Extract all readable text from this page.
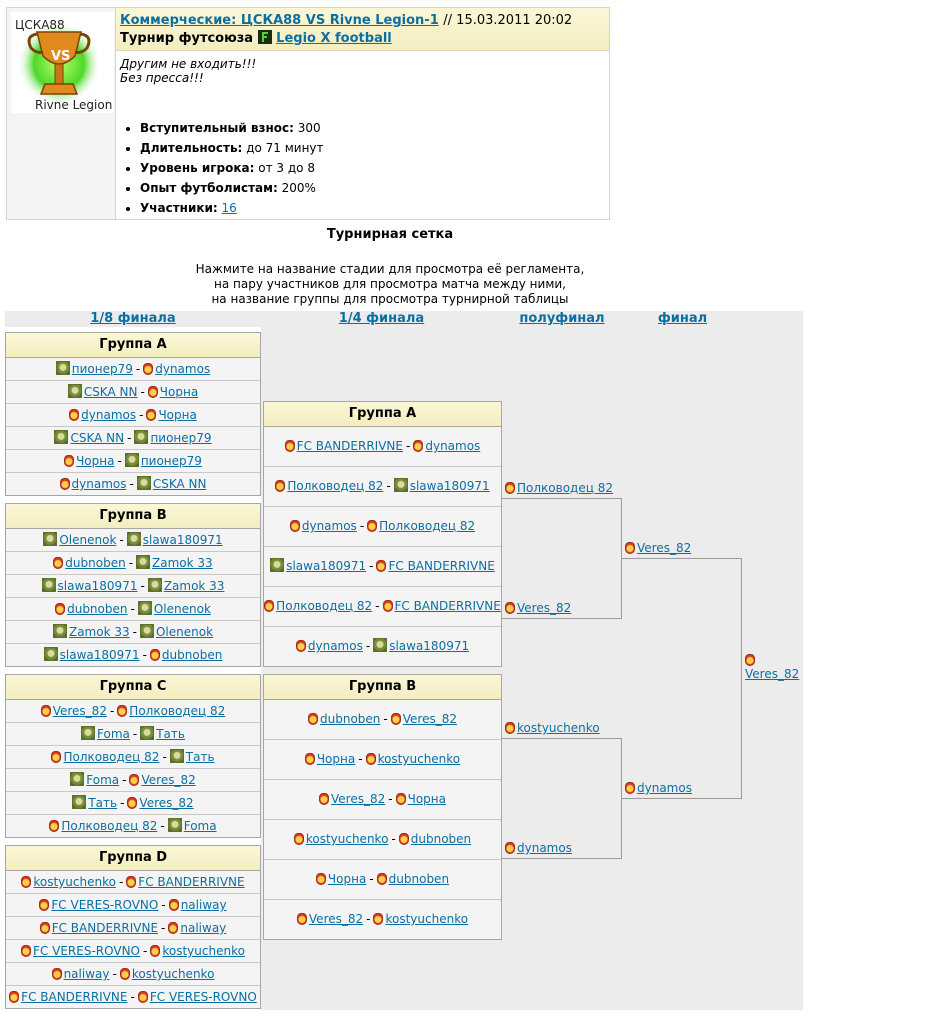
VS
ЦСКА88
Rivne Legion
Коммерческие: ЦСКА88 VS Rivne Legion-1 // 15.03.2011 20:02
Турнир футсоюза Legio X football
Другим не входить!!!
Без пресса!!!
• Вступительный взнос: 300
• Длительность: до 71 минут
• Уровень игрока: от 3 до 8
• Опыт футболистам: 200%
• Участники: 16
Турнирная сетка
Нажмите на название стадии для просмотра её регламента,
на пару участников для просмотра матча между ними,
на название группы для просмотра турнирной таблицы
1/8 финала	1/4 финала	полуфинал	финал
Группа A
пионер79 - dynamos
CSKA NN - Чорна
dynamos - Чорна
CSKA NN - пионер79
Чорна - пионер79
dynamos - CSKA NN
Группа B
Olenenok - slawa180971
dubnoben - Zamok 33
slawa180971 - Zamok 33
dubnoben - Olenenok
Zamok 33 - Olenenok
slawa180971 - dubnoben
Группа C
Veres_82 - Полководец 82
Foma - Тать
Полководец 82 - Тать
Foma - Veres_82
Тать - Veres_82
Полководец 82 - Foma
Группа D
kostyuchenko - FC BANDERRIVNE
FC VERES-ROVNO - naliway
FC BANDERRIVNE - naliway
FC VERES-ROVNO - kostyuchenko
naliway - kostyuchenko
FC BANDERRIVNE - FC VERES-ROVNO
Группа A
FC BANDERRIVNE - dynamos
Полководец 82 - slawa180971
dynamos - Полководец 82
slawa180971 - FC BANDERRIVNE
Полководец 82 - FC BANDERRIVNE
dynamos - slawa180971
Группа B
dubnoben - Veres_82
Чорна - kostyuchenko
Veres_82 - Чорна
kostyuchenko - dubnoben
Чорна - dubnoben
Veres_82 - kostyuchenko
Полководец 82
Veres_82
kostyuchenko
dynamos
Veres_82
dynamos

Veres_82
